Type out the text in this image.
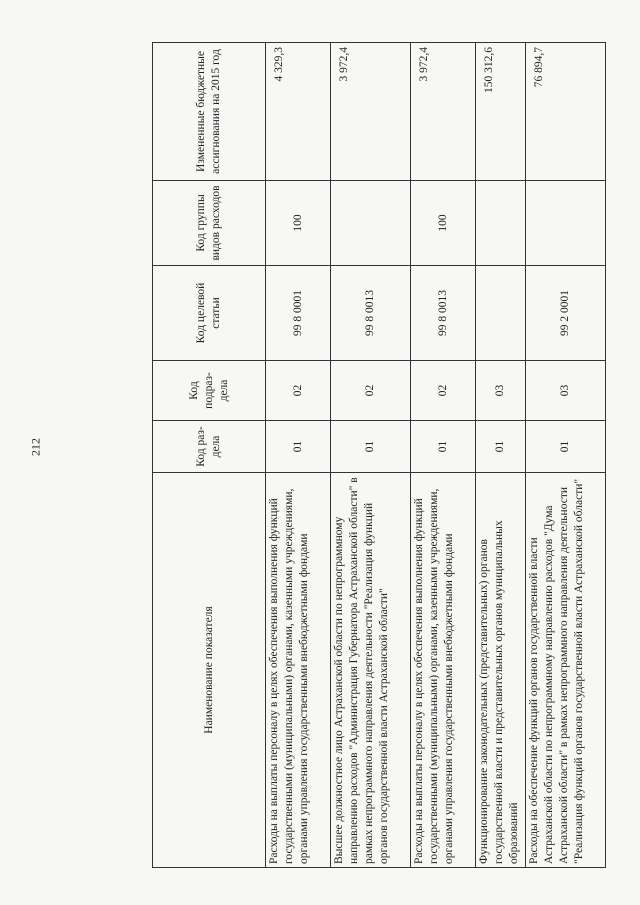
212
Наименование показателя	Код раз-дела	Код подраз-дела	Код целевой статьи	Код группы видов расходов	Измененные бюджетные ассигнования на 2015 год
Расходы на выплаты персоналу в целях обеспечения выполнения функций государственными (муниципальными) органами, казенными учреждениями, органами управления государственными внебюджетными фондами	01	02	99 8 0001	100	4 329,3
Высшее должностное лицо Астраханской области по непрограммному направлению расходов "Администрация Губернатора Астраханской области" в рамках непрограммного направления деятельности "Реализация функций органов государственной власти Астраханской области"	01	02	99 8 0013		3 972,4
Расходы на выплаты персоналу в целях обеспечения выполнения функций государственными (муниципальными) органами, казенными учреждениями, органами управления государственными внебюджетными фондами	01	02	99 8 0013	100	3 972,4
Функционирование законодательных (представительных) органов государственной власти и представительных органов муниципальных образований	01	03			150 312,6
Расходы на обеспечение функций органов государственной власти Астраханской области по непрограммному направлению расходов "Дума Астраханской области" в рамках непрограммного направления деятельности "Реализация функций органов государственной власти Астраханской области"	01	03	99 2 0001		76 894,7
